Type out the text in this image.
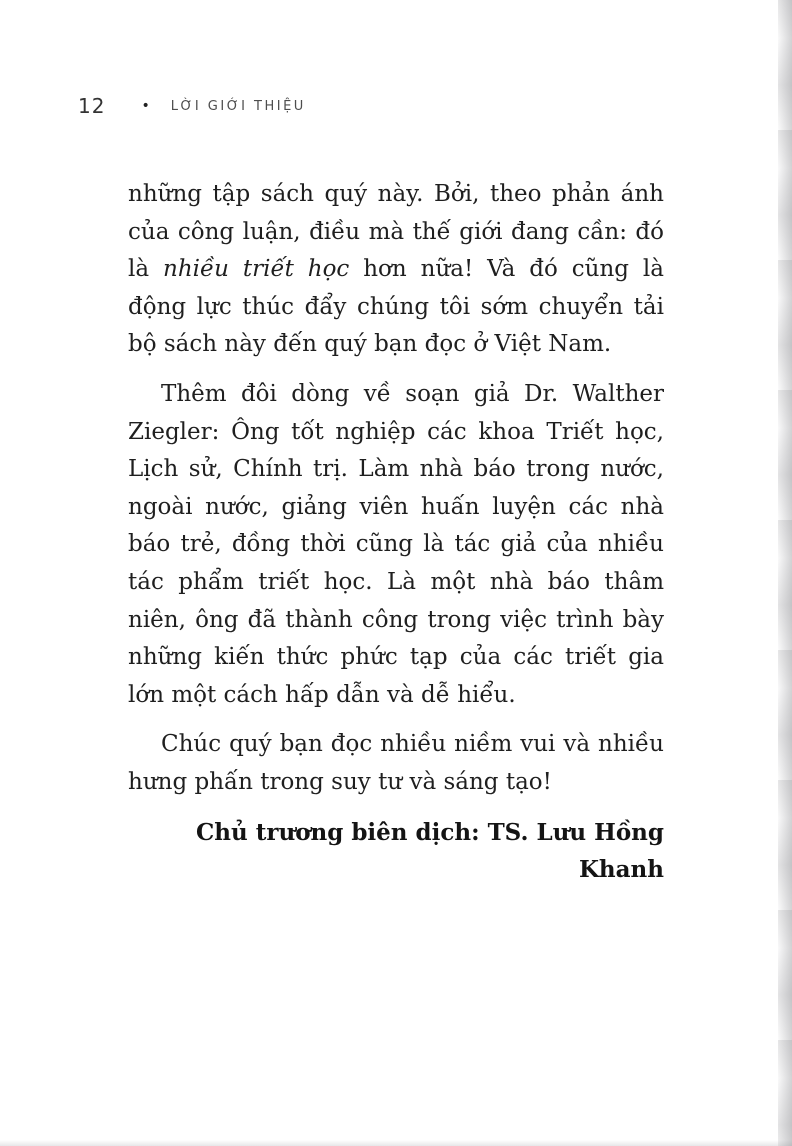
12	• LỜI GIỚI THIỆU

những tập sách quý này. Bởi, theo phản ánh của công luận, điều mà thế giới đang cần: đó là nhiều triết học hơn nữa! Và đó cũng là động lực thúc đẩy chúng tôi sớm chuyển tải bộ sách này đến quý bạn đọc ở Việt Nam.

Thêm đôi dòng về soạn giả Dr. Walther Ziegler: Ông tốt nghiệp các khoa Triết học, Lịch sử, Chính trị. Làm nhà báo trong nước, ngoài nước, giảng viên huấn luyện các nhà báo trẻ, đồng thời cũng là tác giả của nhiều tác phẩm triết học. Là một nhà báo thâm niên, ông đã thành công trong việc trình bày những kiến thức phức tạp của các triết gia lớn một cách hấp dẫn và dễ hiểu.

Chúc quý bạn đọc nhiều niềm vui và nhiều hưng phấn trong suy tư và sáng tạo!

Chủ trương biên dịch: TS. Lưu Hồng Khanh
